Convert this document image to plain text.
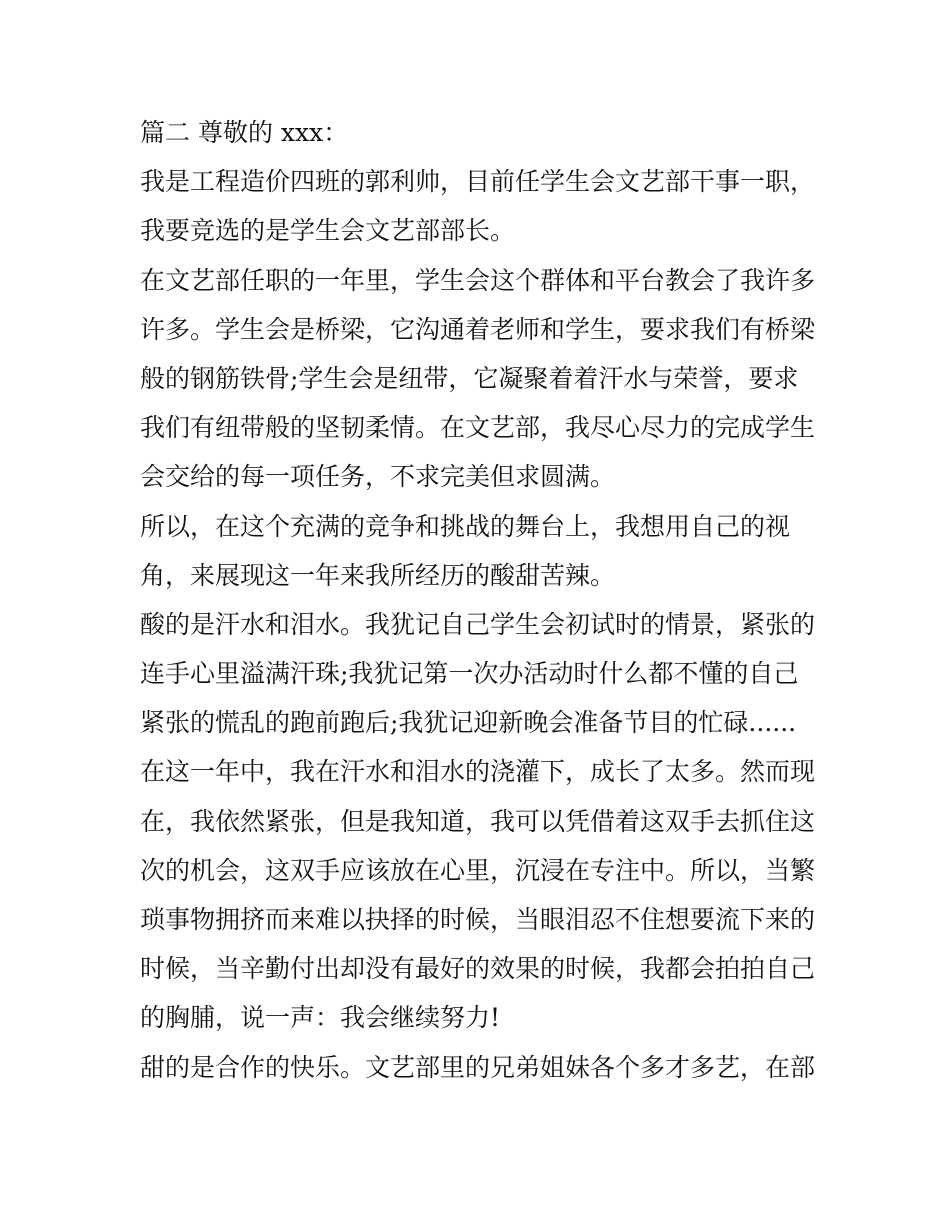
篇二 尊敬的 xxx：

我是工程造价四班的郭利帅，目前任学生会文艺部干事一职，
我要竞选的是学生会文艺部部长。

在文艺部任职的一年里，学生会这个群体和平台教会了我许多
许多。学生会是桥梁，它沟通着老师和学生，要求我们有桥梁
般的钢筋铁骨;学生会是纽带，它凝聚着着汗水与荣誉，要求
我们有纽带般的坚韧柔情。在文艺部，我尽心尽力的完成学生
会交给的每一项任务，不求完美但求圆满。

所以，在这个充满的竞争和挑战的舞台上，我想用自己的视
角，来展现这一年来我所经历的酸甜苦辣。

酸的是汗水和泪水。我犹记自己学生会初试时的情景，紧张的
连手心里溢满汗珠;我犹记第一次办活动时什么都不懂的自己
紧张的慌乱的跑前跑后;我犹记迎新晚会准备节目的忙碌......

在这一年中，我在汗水和泪水的浇灌下，成长了太多。然而现
在，我依然紧张，但是我知道，我可以凭借着这双手去抓住这
次的机会，这双手应该放在心里，沉浸在专注中。所以，当繁
琐事物拥挤而来难以抉择的时候，当眼泪忍不住想要流下来的
时候，当辛勤付出却没有最好的效果的时候，我都会拍拍自己
的胸脯，说一声：我会继续努力!

甜的是合作的快乐。文艺部里的兄弟姐妹各个多才多艺，在部
